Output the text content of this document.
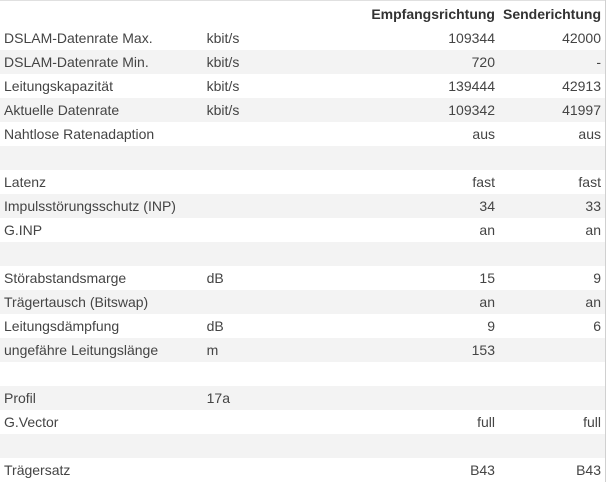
		Empfangsrichtung	Senderichtung
DSLAM-Datenrate Max.	kbit/s	109344	42000
DSLAM-Datenrate Min.	kbit/s	720	-
Leitungskapazität	kbit/s	139444	42913
Aktuelle Datenrate	kbit/s	109342	41997
Nahtlose Ratenadaption		aus	aus

Latenz		fast	fast
Impulsstörungsschutz (INP)		34	33
G.INP		an	an

Störabstandsmarge	dB	15	9
Trägertausch (Bitswap)		an	an
Leitungsdämpfung	dB	9	6
ungefähre Leitungslänge	m	153	

Profil	17a		
G.Vector		full	full

Trägersatz		B43	B43
